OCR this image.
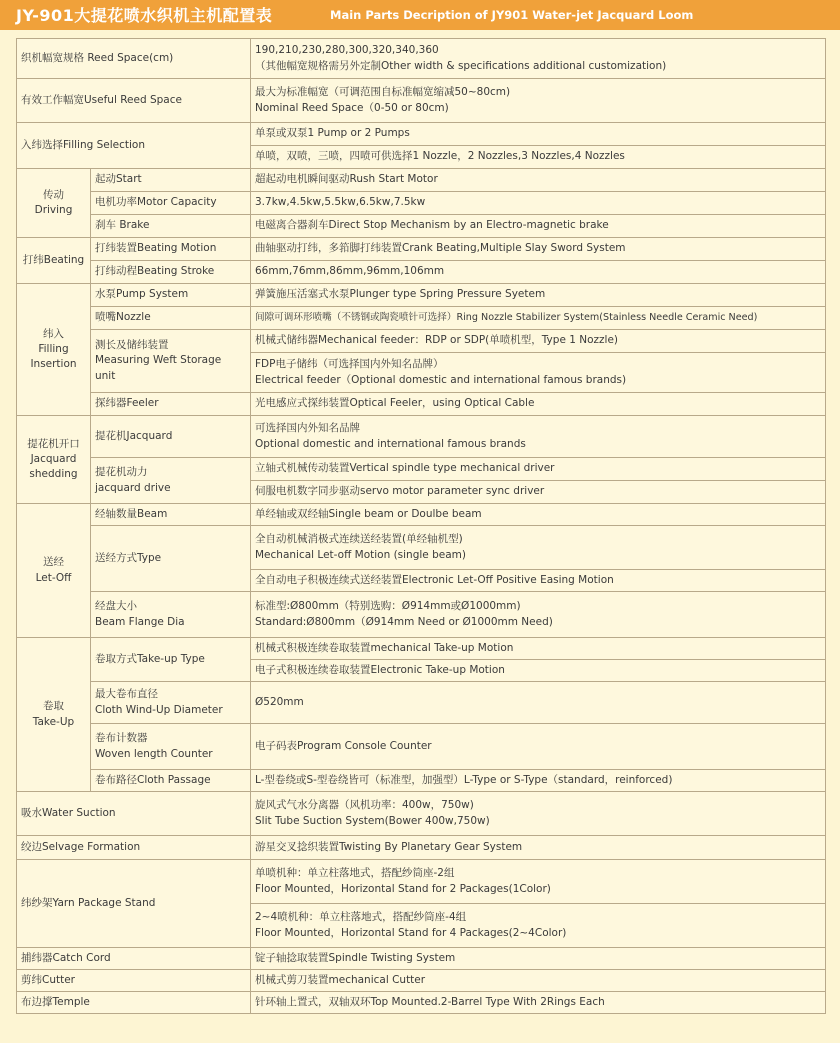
JY-901大提花喷水织机主机配置表	Main Parts Decription of JY901 Water-jet Jacquard Loom
织机幅宽规格 Reed Space(cm)		190,210,230,280,300,320,340,360
（其他幅宽规格需另外定制Other width & specifications additional customization)

有效工作幅宽Useful Reed Space		最大为标准幅宽（可调范围自标准幅宽缩减50~80cm)
Nominal Reed Space（0-50 or 80cm)

入纬选择Filling Selection		单泵或双泵1 Pump or 2 Pumps
		单喷，双喷，三喷，四喷可供选择1 Nozzle，2 Nozzles,3 Nozzles,4 Nozzles

传动
Driving	起动Start	超起动电机瞬间驱动Rush Start Motor
	电机功率Motor Capacity	3.7kw,4.5kw,5.5kw,6.5kw,7.5kw
	刹车 Brake	电磁离合器刹车Direct Stop Mechanism by an Electro-magnetic brake
打纬Beating	打纬装置Beating Motion	曲轴驱动打纬，多筘脚打纬装置Crank Beating,Multiple Slay Sword System
	打纬动程Beating Stroke	66mm,76mm,86mm,96mm,106mm

纬入
Filling
Insertion	水泵Pump System	弹簧施压活塞式水泵Plunger type Spring Pressure Syetem
	喷嘴Nozzle	间隙可调环形喷嘴（不锈钢或陶瓷喷针可选择）Ring Nozzle Stabilizer System(Stainless Needle Ceramic Need)

	测长及储纬装置
Measuring Weft Storage
unit	机械式储纬器Mechanical feeder：RDP or SDP(单喷机型，Type 1 Nozzle)

		FDP电子储纬（可选择国内外知名品牌）
Electrical feeder（Optional domestic and international famous brands)

	探纬器Feeler	光电感应式探纬装置Optical Feeler，using Optical Cable

提花机开口
Jacquard
shedding	提花机Jacquard	可选择国内外知名品牌
Optional domestic and international famous brands

	提花机动力
jacquard drive	立轴式机械传动装置Vertical spindle type mechanical driver
		伺服电机数字同步驱动servo motor parameter sync driver

送经
Let-Off	经轴数量Beam	单经轴或双经轴Single beam or Doulbe beam
	送经方式Type	全自动机械消极式连续送经装置(单经轴机型)
Mechanical Let-off Motion (single beam)

		全自动电子积极连续式送经装置Electronic Let-Off Positive Easing Motion

	经盘大小
Beam Flange Dia	标准型:Ø800mm（特别选购：Ø914mm或Ø1000mm)
Standard:Ø800mm（Ø914mm Need or Ø1000mm Need)

卷取
Take-Up	卷取方式Take-up Type	机械式积极连续卷取装置mechanical Take-up Motion
		电子式积极连续卷取装置Electronic Take-up Motion

	最大卷布直径
Cloth Wind-Up Diameter	Ø520mm

	卷布计数器
Woven length Counter	电子码表Program Console Counter
	卷布路径Cloth Passage	L-型卷绕或S-型卷绕皆可（标准型，加强型）L-Type or S-Type（standard，reinforced)
吸水Water Suction		旋风式气水分离器（风机功率：400w，750w)
Slit Tube Suction System(Bower 400w,750w)

绞边Selvage Formation		游星交叉捻织装置Twisting By Planetary Gear System
纬纱架Yarn Package Stand		单喷机种：单立柱落地式，搭配纱筒座-2组
Floor Mounted，Horizontal Stand for 2 Packages(1Color)

		2~4喷机种：单立柱落地式，搭配纱筒座-4组
Floor Mounted，Horizontal Stand for 4 Packages(2~4Color)

捕纬器Catch Cord		锭子轴捻取装置Spindle Twisting System
剪纬Cutter		机械式剪刀装置mechanical Cutter
布边撑Temple		针环轴上置式，双轴双环Top Mounted.2-Barrel Type With 2Rings Each
